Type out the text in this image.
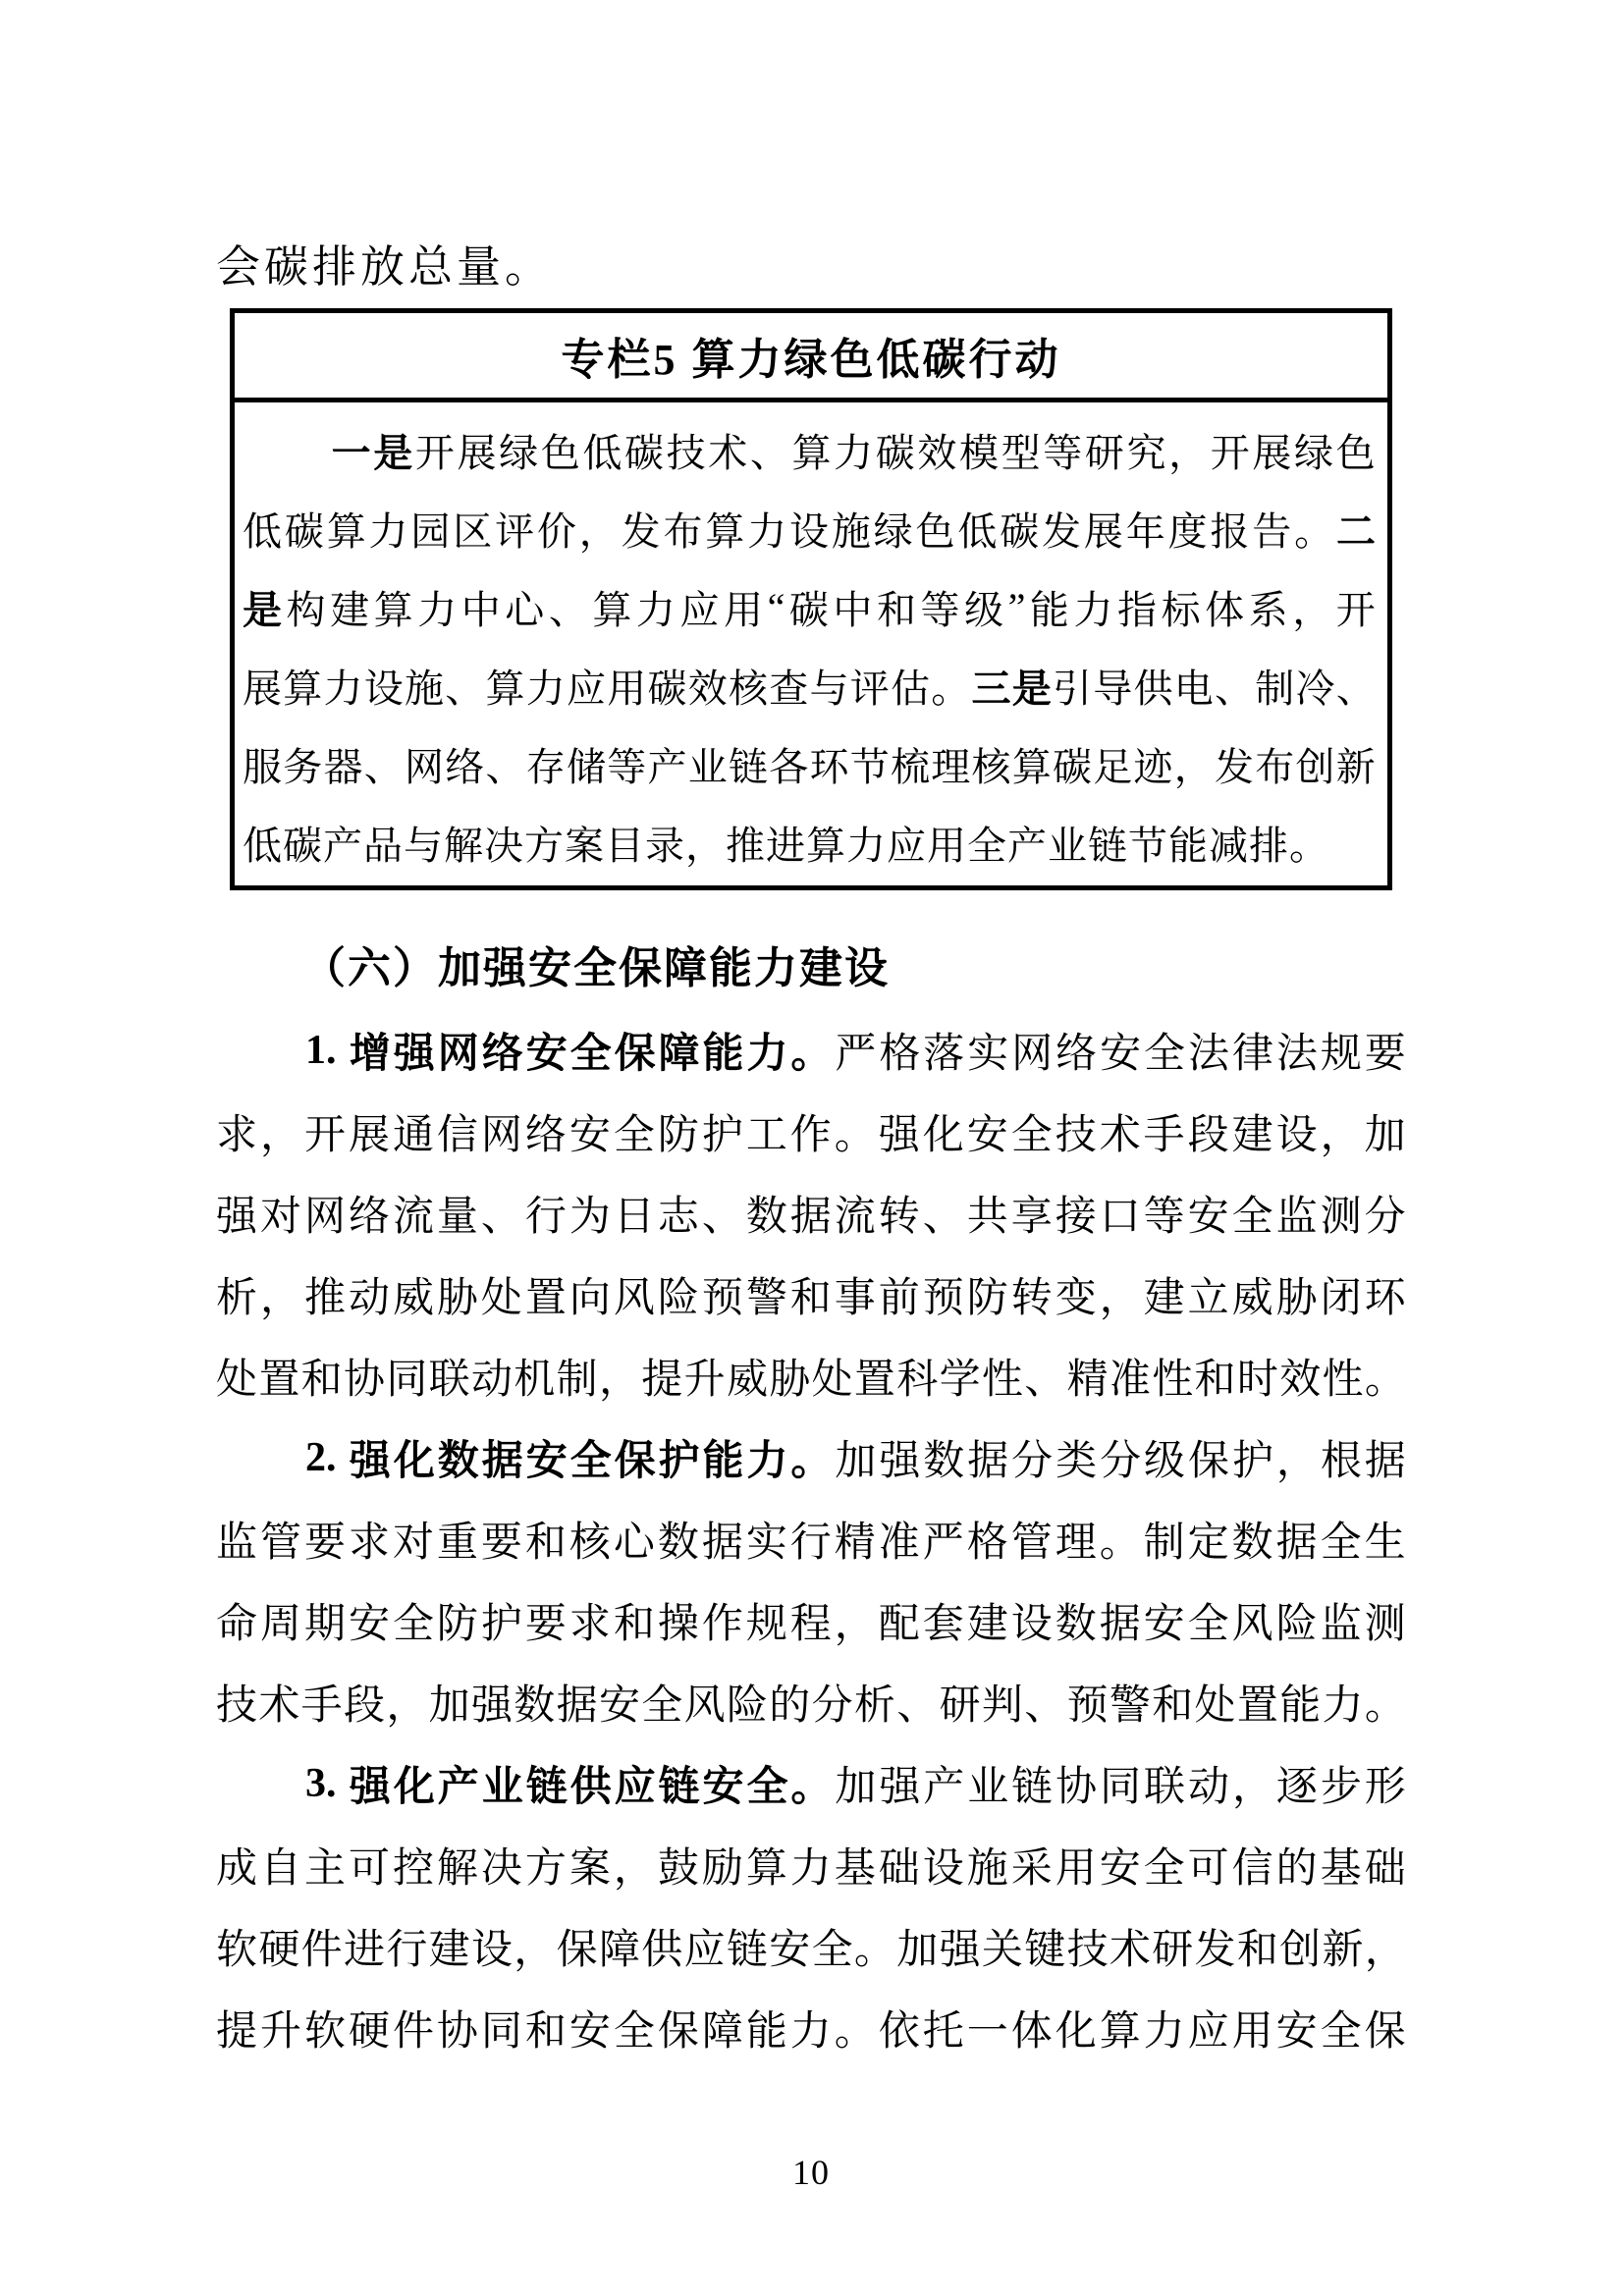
会碳排放总量。
专栏5 算力绿色低碳行动
一 是 开 展 绿 色 低 碳 技 术 、 算 力 碳 效 模 型 等 研 究 ， 开 展 绿 色
低 碳 算 力 园 区 评 价 ， 发 布 算 力 设 施 绿 色 低 碳 发 展 年 度 报 告 。 二
是 构 建 算 力 中 心 、 算 力 应 用 “ 碳 中 和 等 级 ” 能 力 指 标 体 系 ， 开
展 算 力 设 施 、 算 力 应 用 碳 效 核 查 与 评 估 。 三 是 引 导 供 电 、 制 冷 、
服 务 器 、 网 络 、 存 储 等 产 业 链 各 环 节 梳 理 核 算 碳 足 迹 ， 发 布 创 新
低碳产品与解决方案目录，推进算力应用全产业链节能减排。
（六）加强安全保障能力建设
1. 增 强 网 络 安 全 保 障 能 力 。 严 格 落 实 网 络 安 全 法 律 法 规 要
求 ， 开 展 通 信 网 络 安 全 防 护 工 作 。 强 化 安 全 技 术 手 段 建 设 ， 加
强 对 网 络 流 量 、 行 为 日 志 、 数 据 流 转 、 共 享 接 口 等 安 全 监 测 分
析 ， 推 动 威 胁 处 置 向 风 险 预 警 和 事 前 预 防 转 变 ， 建 立 威 胁 闭 环
处 置 和 协 同 联 动 机 制 ， 提 升 威 胁 处 置 科 学 性 、 精 准 性 和 时 效 性 。
2. 强 化 数 据 安 全 保 护 能 力 。 加 强 数 据 分 类 分 级 保 护 ， 根 据
监 管 要 求 对 重 要 和 核 心 数 据 实 行 精 准 严 格 管 理 。 制 定 数 据 全 生
命 周 期 安 全 防 护 要 求 和 操 作 规 程 ， 配 套 建 设 数 据 安 全 风 险 监 测
技 术 手 段 ， 加 强 数 据 安 全 风 险 的 分 析 、 研 判 、 预 警 和 处 置 能 力 。
3. 强 化 产 业 链 供 应 链 安 全 。 加 强 产 业 链 协 同 联 动 ， 逐 步 形
成 自 主 可 控 解 决 方 案 ， 鼓 励 算 力 基 础 设 施 采 用 安 全 可 信 的 基 础
软 硬 件 进 行 建 设 ， 保 障 供 应 链 安 全 。 加 强 关 键 技 术 研 发 和 创 新 ，
提 升 软 硬 件 协 同 和 安 全 保 障 能 力 。 依 托 一 体 化 算 力 应 用 安 全 保
10
